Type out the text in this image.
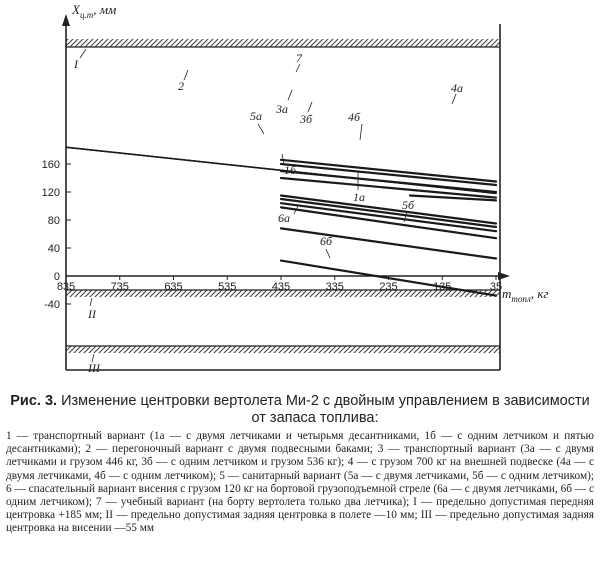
$X_{ц.т}$, мм
$m_{топл}$, кг
160
120
80
40
0
-40
835	735	635	535	435	335	235	135	35
I
II
III
2
7
3а
3б
4а
4б
5а
1б
1а
5б
6а
6б

Рис. 3. Изменение центровки вертолета Ми-2 с двойным управлением в зависимости от запаса топлива:

1 — транспортный вариант (1а — с двумя летчиками и четырьмя десантниками, 1б — с одним летчиком и пятью десантниками); 2 — перегоночный вариант с двумя подвесными баками; 3 — транспортный вариант (3а — с двумя летчиками и грузом 446 кг, 3б — с одним летчиком и грузом 536 кг); 4 — с грузом 700 кг на внешней подвеске (4а — с двумя летчиками, 4б — с одним летчиком); 5 — санитарный вариант (5а — с двумя летчиками, 5б — с одним летчиком); 6 — спасательный вариант висения с грузом 120 кг на бортовой грузоподъемной стреле (6а — с двумя летчиками, 6б — с одним летчиком); 7 — учебный вариант (на борту вертолета только два летчика); I — предельно допустимая передняя центровка +185 мм; II — предельно допустимая задняя центровка в полете —10 мм; III — предельно допустимая задняя центровка на висении —55 мм
